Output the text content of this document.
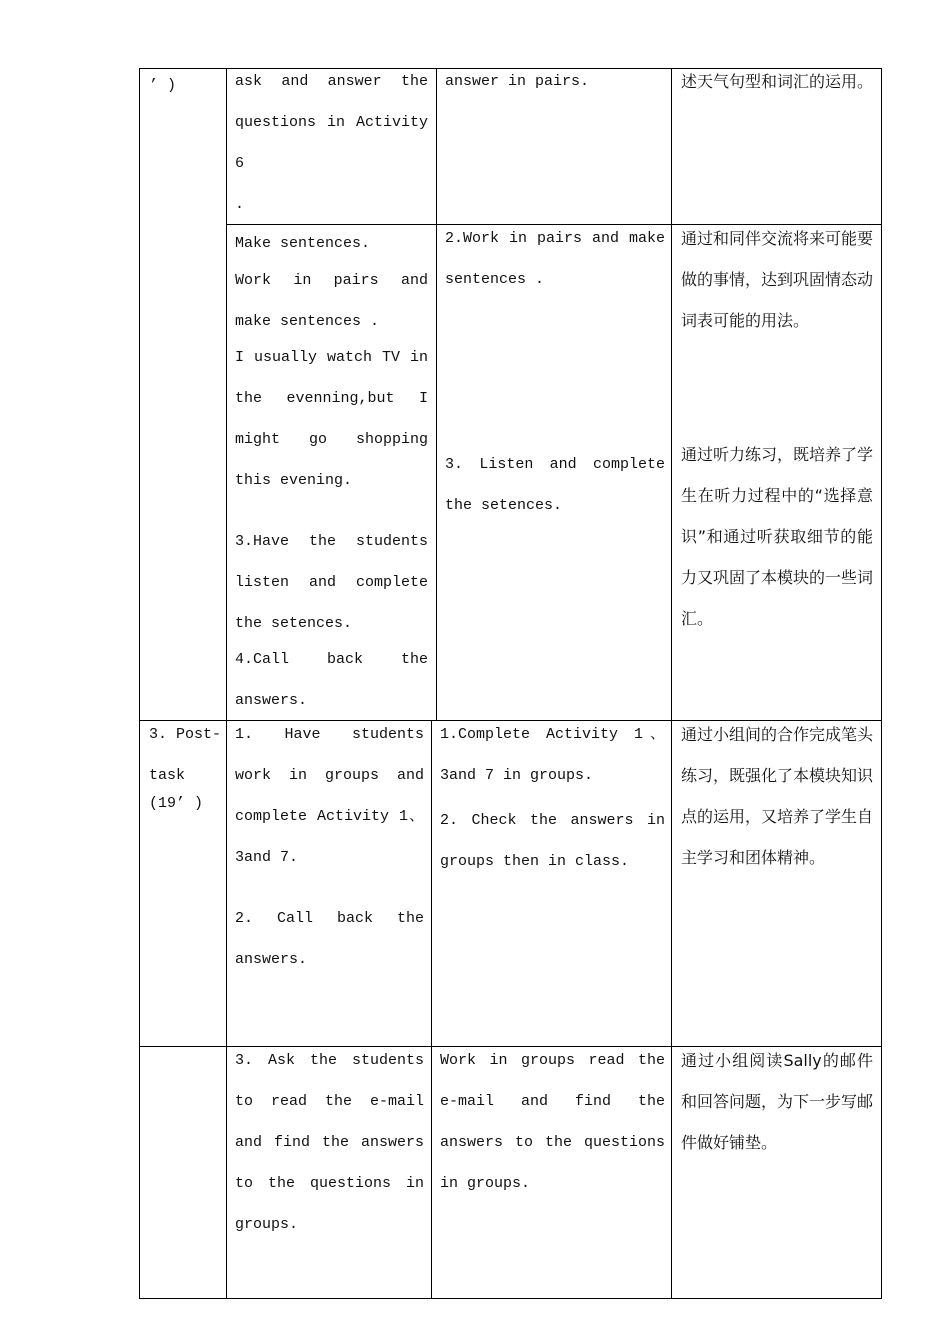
’ )	ask and answer the questions in Activity 6
.
answer in pairs.	述天气句型和词汇的运用。
Make sentences.
Work in pairs and make sentences .
I usually watch TV in the evenning,but I might go shopping this evening.
3.Have the students listen and complete the setences.
4.Call back the answers.
2.Work in pairs and make sentences .
3. Listen and complete the setences.
通过和同伴交流将来可能要做的事情，达到巩固情态动词表可能的用法。
通过听力练习，既培养了学生在听力过程中的“选择意识”和通过听获取细节的能力又巩固了本模块的一些词汇。
3. Post-task
(19’ )
1. Have students work in groups and complete Activity 1、3and 7.
2. Call back the answers.
1.Complete Activity 1、3and 7 in groups.
2. Check the answers in groups then in class.
通过小组间的合作完成笔头练习，既强化了本模块知识点的运用，又培养了学生自主学习和团体精神。
3. Ask the students to read the e-mail and find the answers to the questions in groups.
Work in groups read the e-mail and find the answers to the questions in groups.
通过小组阅读Sally的邮件和回答问题，为下一步写邮件做好铺垫。
